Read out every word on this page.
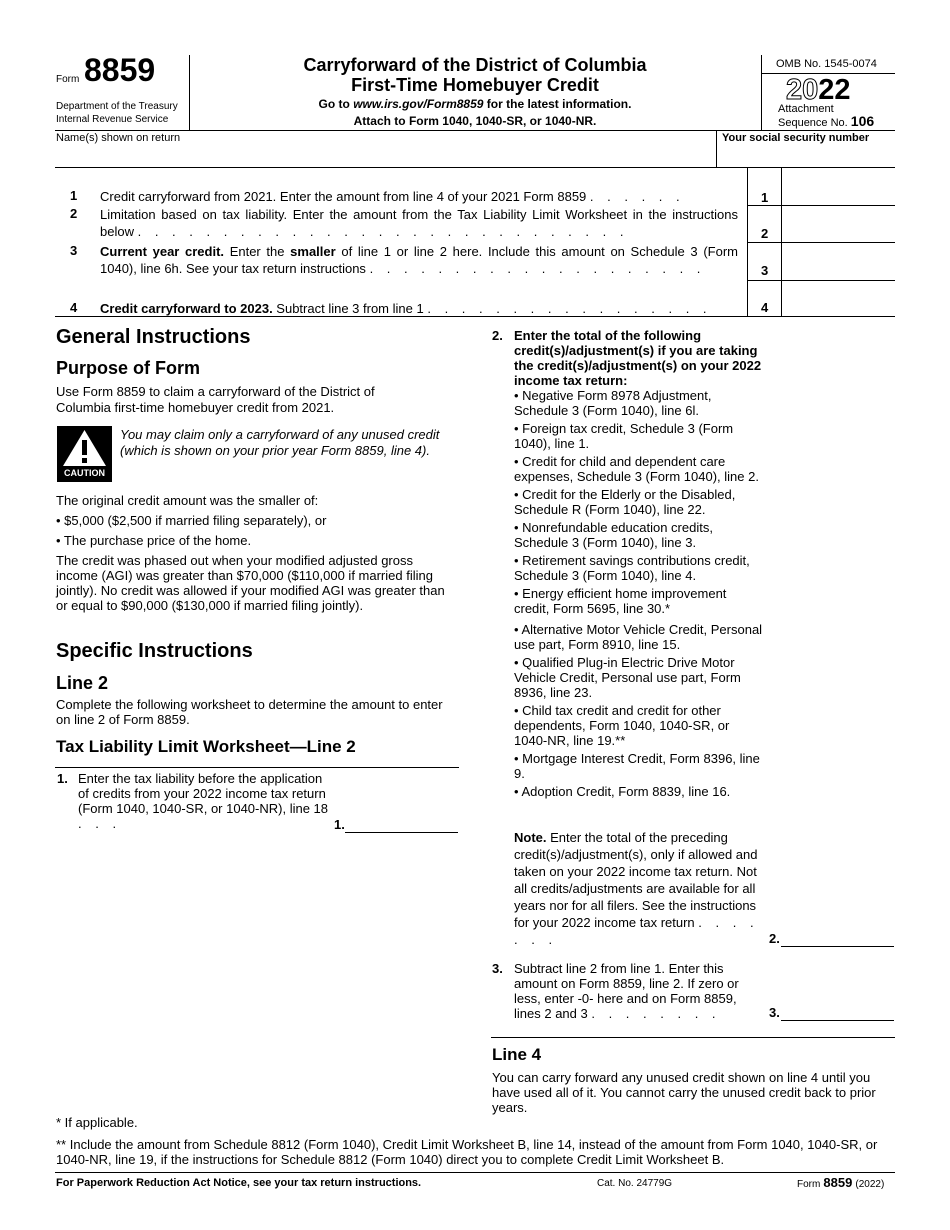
Form 8859
Department of the Treasury
Internal Revenue Service
Carryforward of the District of Columbia
First-Time Homebuyer Credit
Go to www.irs.gov/Form8859 for the latest information.
Attach to Form 1040, 1040-SR, or 1040-NR.
OMB No. 1545-0074
2022
Attachment
Sequence No. 106
Name(s) shown on return	Your social security number
1 Credit carryforward from 2021. Enter the amount from line 4 of your 2021 Form 8859 . . . . . .	1
2 Limitation based on tax liability. Enter the amount from the Tax Liability Limit Worksheet in the instructions below . . . . . . . . . . . . . . . . . . . . . . . . . . . . .	2
3 Current year credit. Enter the smaller of line 1 or line 2 here. Include this amount on Schedule 3 (Form 1040), line 6h. See your tax return instructions . . . . . . . . . . . . . . . . . . . .	3
4 Credit carryforward to 2023. Subtract line 3 from line 1 . . . . . . . . . . . . . . . . .	4
General Instructions
Purpose of Form
Use Form 8859 to claim a carryforward of the District of Columbia first-time homebuyer credit from 2021.
CAUTION
You may claim only a carryforward of any unused credit (which is shown on your prior year Form 8859, line 4).
The original credit amount was the smaller of:
• $5,000 ($2,500 if married filing separately), or
• The purchase price of the home.
The credit was phased out when your modified adjusted gross income (AGI) was greater than $70,000 ($110,000 if married filing jointly). No credit was allowed if your modified AGI was greater than or equal to $90,000 ($130,000 if married filing jointly).
Specific Instructions
Line 2
Complete the following worksheet to determine the amount to enter on line 2 of Form 8859.
Tax Liability Limit Worksheet—Line 2
1. Enter the tax liability before the application of credits from your 2022 income tax return (Form 1040, 1040-SR, or 1040-NR), line 18 . . .	1.
2. Enter the total of the following credit(s)/adjustment(s) if you are taking the credit(s)/adjustment(s) on your 2022 income tax return:

• Negative Form 8978 Adjustment, Schedule 3 (Form 1040), line 6l.

• Foreign tax credit, Schedule 3 (Form 1040), line 1.

• Credit for child and dependent care expenses, Schedule 3 (Form 1040), line 2.

• Credit for the Elderly or the Disabled, Schedule R (Form 1040), line 22.

• Nonrefundable education credits, Schedule 3 (Form 1040), line 3.

• Retirement savings contributions credit, Schedule 3 (Form 1040), line 4.

• Energy efficient home improvement credit, Form 5695, line 30.*

• Alternative Motor Vehicle Credit, Personal use part, Form 8910, line 15.

• Qualified Plug-in Electric Drive Motor Vehicle Credit, Personal use part, Form 8936, line 23.

• Child tax credit and credit for other dependents, Form 1040, 1040-SR, or 1040-NR, line 19.**

• Mortgage Interest Credit, Form 8396, line 9.

• Adoption Credit, Form 8839, line 16.

Note. Enter the total of the preceding credit(s)/adjustment(s), only if allowed and taken on your 2022 income tax return. Not all credits/adjustments are available for all years nor for all filers. See the instructions for your 2022 income tax return . . . . . . .	2.
3. Subtract line 2 from line 1. Enter this amount on Form 8859, line 2. If zero or less, enter -0- here and on Form 8859, lines 2 and 3 . . . . . . . .	3.
Line 4
You can carry forward any unused credit shown on line 4 until you have used all of it. You cannot carry the unused credit back to prior years.
* If applicable.
** Include the amount from Schedule 8812 (Form 1040), Credit Limit Worksheet B, line 14, instead of the amount from Form 1040, 1040-SR, or 1040-NR, line 19, if the instructions for Schedule 8812 (Form 1040) direct you to complete Credit Limit Worksheet B.
For Paperwork Reduction Act Notice, see your tax return instructions.	Cat. No. 24779G	Form 8859 (2022)
